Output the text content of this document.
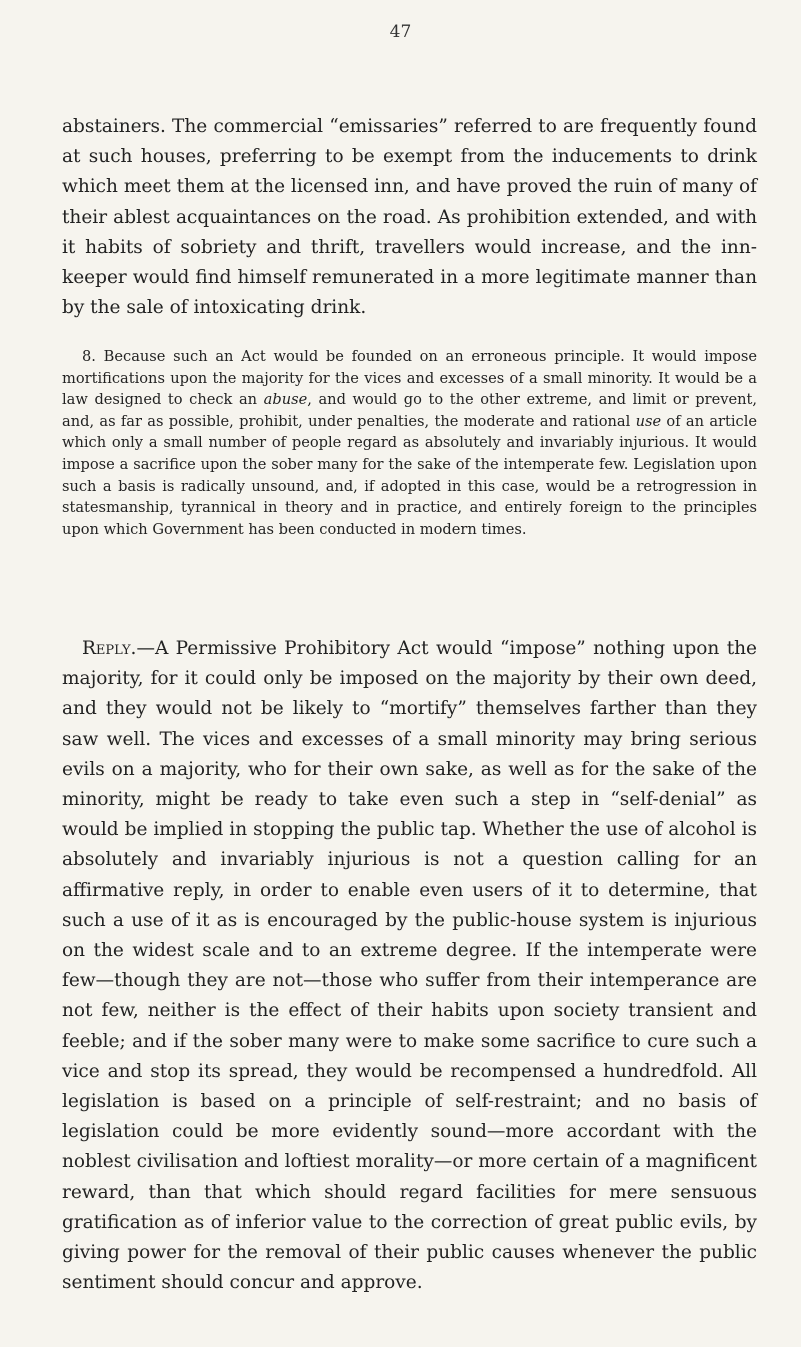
47

abstainers. The commercial “emissaries” referred to are frequently found at such houses, preferring to be exempt from the inducements to drink which meet them at the licensed inn, and have proved the ruin of many of their ablest acquaintances on the road. As prohibition extended, and with it habits of sobriety and thrift, travellers would increase, and the inn-keeper would find himself remunerated in a more legitimate manner than by the sale of intoxicating drink.

8. Because such an Act would be founded on an erroneous principle. It would impose mortifications upon the majority for the vices and excesses of a small minority. It would be a law designed to check an abuse, and would go to the other extreme, and limit or prevent, and, as far as possible, prohibit, under penalties, the moderate and rational use of an article which only a small number of people regard as absolutely and invariably injurious. It would impose a sacrifice upon the sober many for the sake of the intemperate few. Legislation upon such a basis is radically unsound, and, if adopted in this case, would be a retrogression in statesmanship, tyrannical in theory and in practice, and entirely foreign to the principles upon which Government has been conducted in modern times.

Reply.—A Permissive Prohibitory Act would “impose” nothing upon the majority, for it could only be imposed on the majority by their own deed, and they would not be likely to “mortify” themselves farther than they saw well. The vices and excesses of a small minority may bring serious evils on a majority, who for their own sake, as well as for the sake of the minority, might be ready to take even such a step in “self-denial” as would be implied in stopping the public tap. Whether the use of alcohol is absolutely and invariably injurious is not a question calling for an affirmative reply, in order to enable even users of it to determine, that such a use of it as is encouraged by the public-house system is injurious on the widest scale and to an extreme degree. If the intemperate were few—though they are not—those who suffer from their intemperance are not few, neither is the effect of their habits upon society transient and feeble; and if the sober many were to make some sacrifice to cure such a vice and stop its spread, they would be recompensed a hundredfold. All legislation is based on a principle of self-restraint; and no basis of legislation could be more evidently sound—more accordant with the noblest civilisation and loftiest morality—or more certain of a magnificent reward, than that which should regard facilities for mere sensuous gratification as of inferior value to the correction of great public evils, by giving power for the removal of their public causes whenever the public sentiment should concur and approve.
